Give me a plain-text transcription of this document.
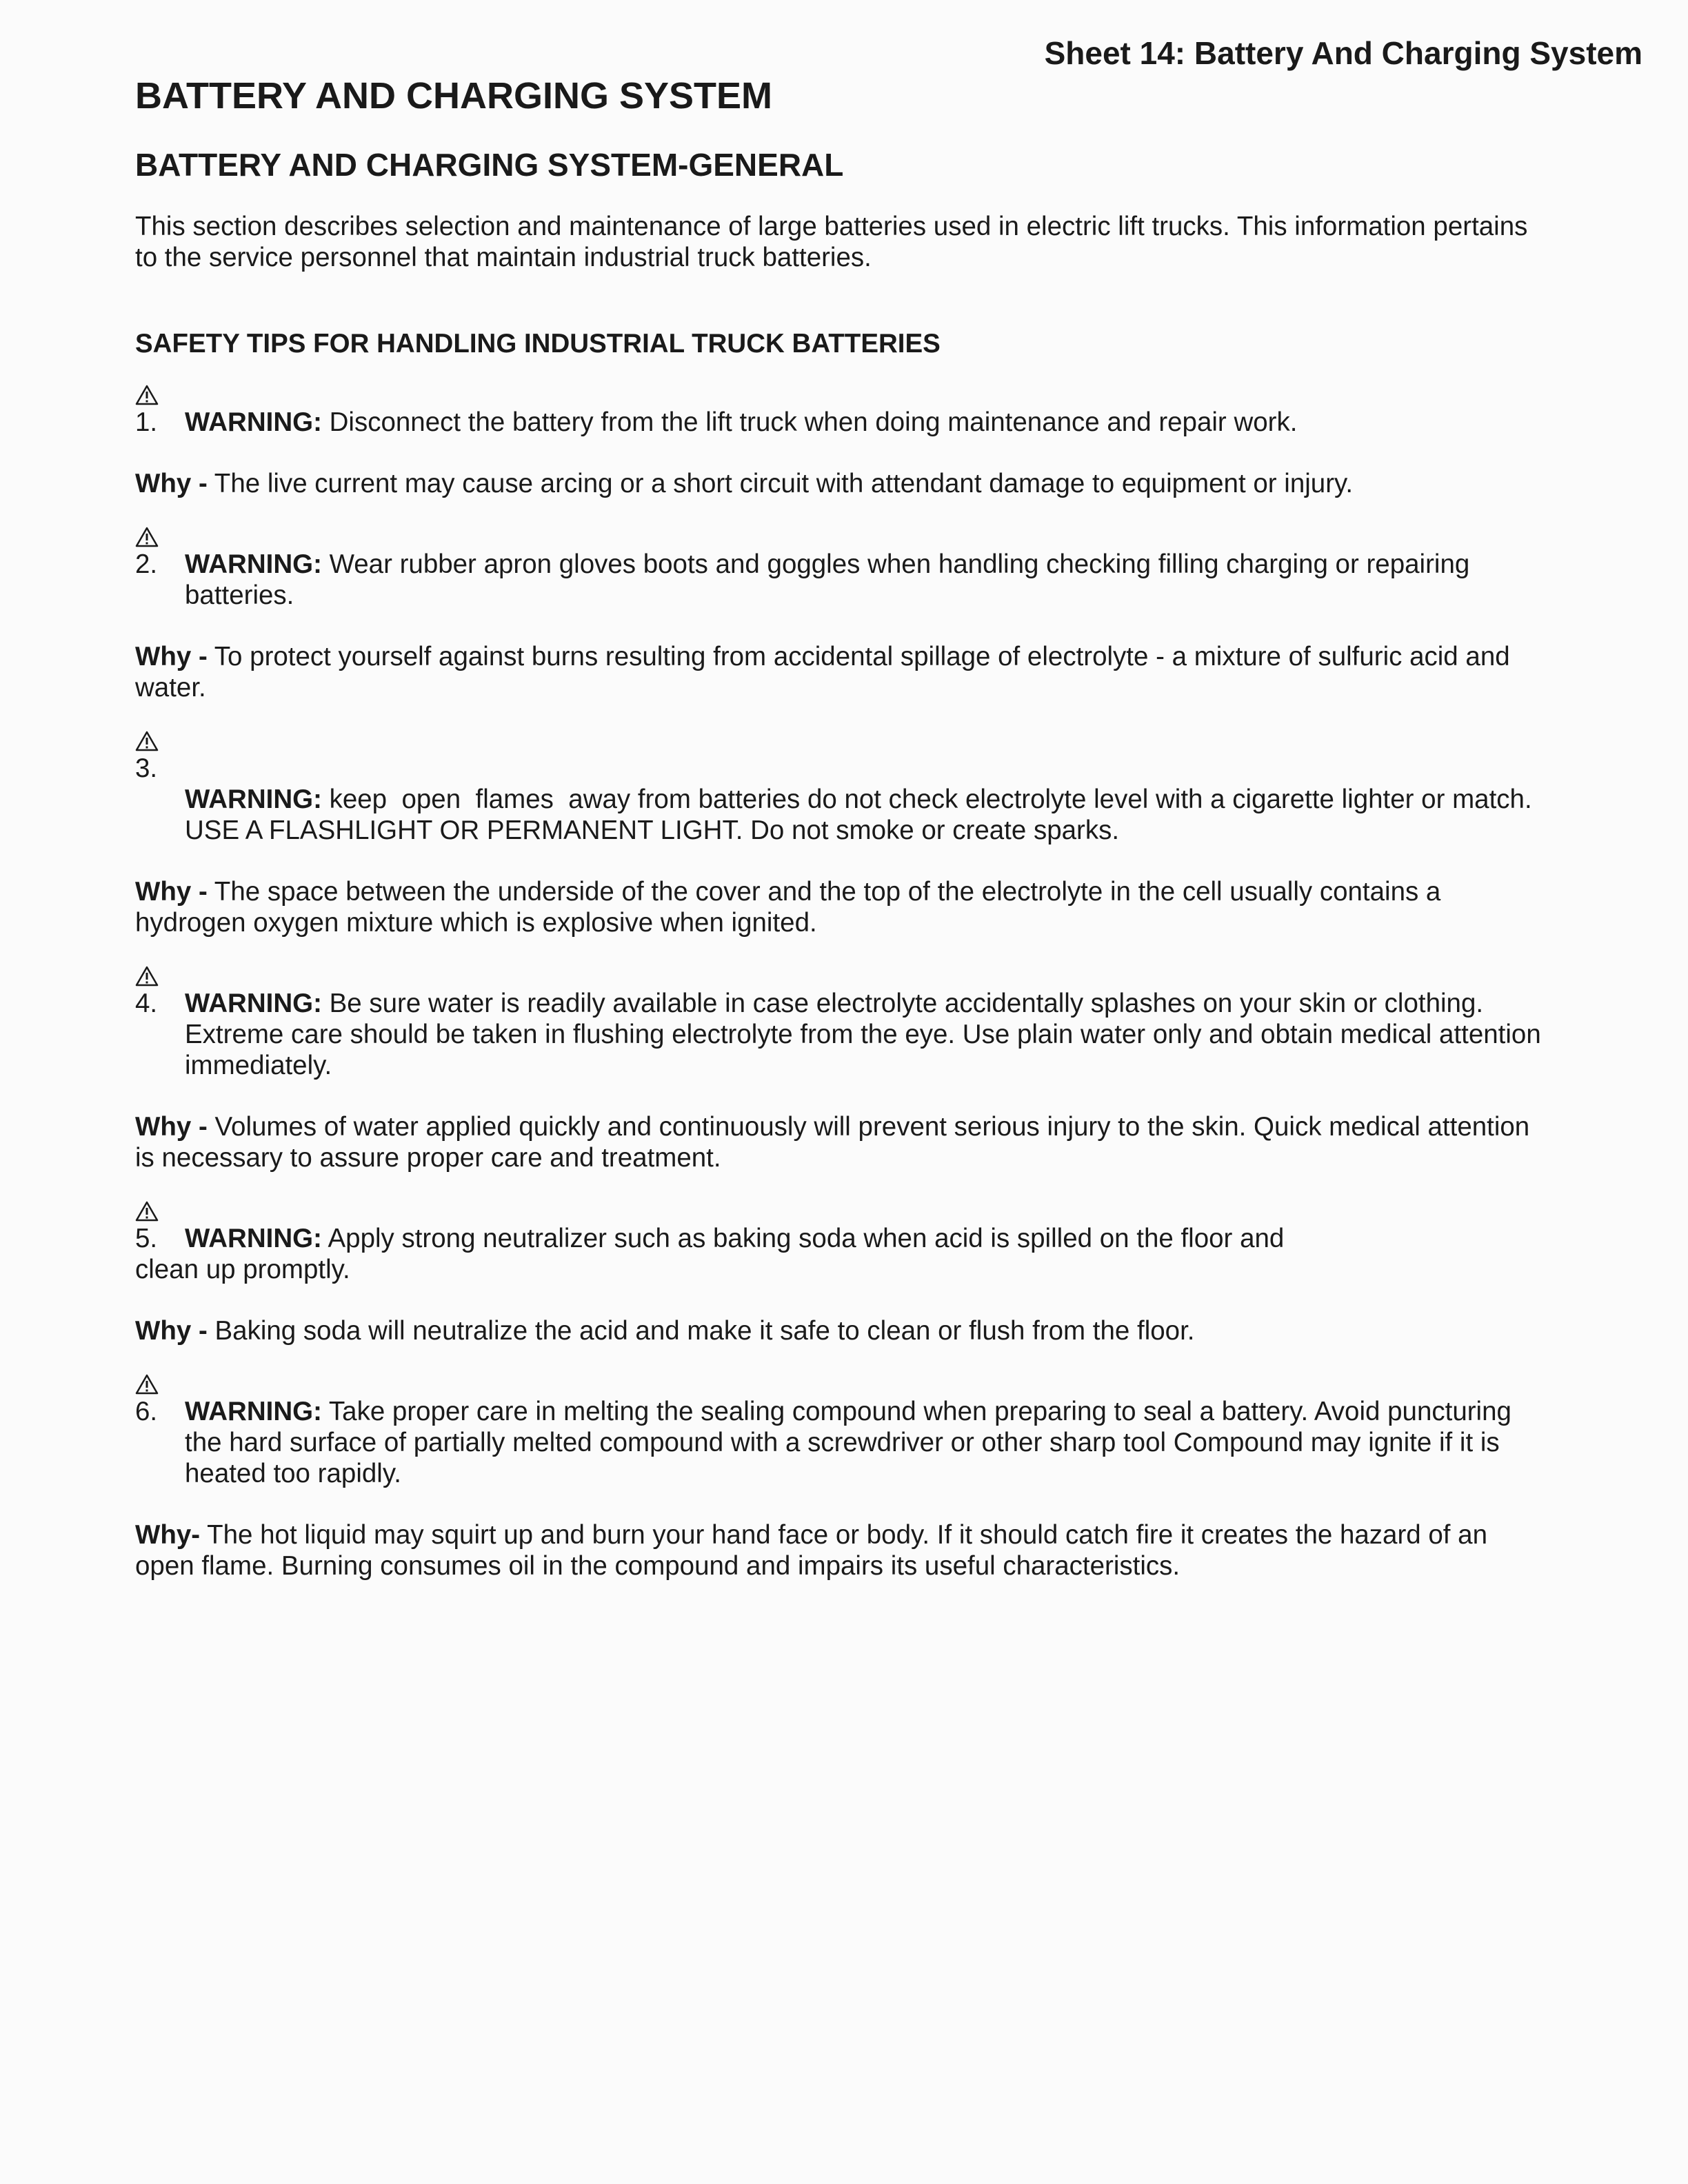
Sheet 14: Battery And Charging System
BATTERY AND CHARGING SYSTEM
BATTERY AND CHARGING SYSTEM-GENERAL

This section describes selection and maintenance of large batteries used in electric lift trucks. This information pertains to the service personnel that maintain industrial truck batteries.

SAFETY TIPS FOR HANDLING INDUSTRIAL TRUCK BATTERIES

1. WARNING: Disconnect the battery from the lift truck when doing maintenance and repair work.

Why - The live current may cause arcing or a short circuit with attendant damage to equipment or injury.

2. WARNING: Wear rubber apron gloves boots and goggles when handling checking filling charging or repairing batteries.

Why - To protect yourself against burns resulting from accidental spillage of electrolyte - a mixture of sulfuric acid and water.

3.
WARNING: keep  open  flames  away from batteries do not check electrolyte level with a cigarette lighter or match. USE A FLASHLIGHT OR PERMANENT LIGHT. Do not smoke or create sparks.

Why - The space between the underside of the cover and the top of the electrolyte in the cell usually contains a hydrogen oxygen mixture which is explosive when ignited.

4. WARNING: Be sure water is readily available in case electrolyte accidentally splashes on your skin or clothing. Extreme care should be taken in flushing electrolyte from the eye. Use plain water only and obtain medical attention immediately.

Why - Volumes of water applied quickly and continuously will prevent serious injury to the skin. Quick medical attention is necessary to assure proper care and treatment.

5. WARNING: Apply strong neutralizer such as baking soda when acid is spilled on the floor and clean up promptly.

Why - Baking soda will neutralize the acid and make it safe to clean or flush from the floor.

6. WARNING: Take proper care in melting the sealing compound when preparing to seal a battery. Avoid puncturing the hard surface of partially melted compound with a screwdriver or other sharp tool Compound may ignite if it is heated too rapidly.

Why- The hot liquid may squirt up and burn your hand face or body. If it should catch fire it creates the hazard of an open flame. Burning consumes oil in the compound and impairs its useful characteristics.
